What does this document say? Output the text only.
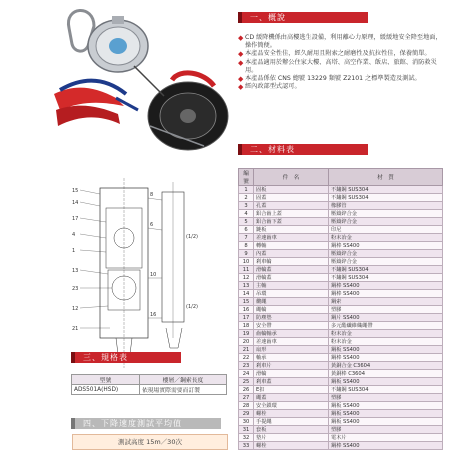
15
14
17
4
1
13
23
12
21
8
6
10
16
(1/2)
(1/2)
一、概說
◆ CD 緩降機係由高樓逃生設備，利用離心力原理，緩緩地安全降至地面，操作簡便。
◆ 本產品安全性佳，經久耐用且附索之耐磨性及抗拉性佳，保養簡單。
◆ 本產品適用於辦公住家大樓、高塔、高空作業、飯店、旅館、消防救災用。
◆ 本產品係依 CNS 總號 13229 類號 Z2101 之標準製造及測試。
◆ 經內政部型式認可。
二、材料表
編號	件　名	材　質
1	固板	不鏽鋼 SUS304
2	固蓋	不鏽鋼 SUS304
3	孔蓋	橡膠管
4	鋁合齒上蓋	壓鑄鋅合金
5	鋁合齒下蓋	壓鑄鋅合金
6	鏈板	印尼
7	差速齒車	粉末冶金
8	轉軸	鋼棒 SS400
9	內蓋	壓鑄鋅合金
10	剎車輪	壓鑄鋅合金
11	滑輪蓋	不鏽鋼 SUS304
12	滑輪蓋	不鏽鋼 SUS304
13	主軸	鋼棒 SS400
14	吊環	鋼棒 SS400
15	纜繩	鋼索
16	繩輪	塑膠
17	防塵墊	鋼片 SS400
18	安全帶	多元酯纖維織繩帶
19	齒輪軸承	粉末冶金
20	差速齒車	粉末冶金
21	扇形	鋼板 SS400
22	軸承	鋼棒 SS400
23	剎車片	黃銅合金 C3604
24	滑輪	黃銅棒 C3604
25	剎車蓋	鋼板 SS400
26	E扣	不鏽鋼 SUS304
27	繩蓋	塑膠
28	安全鎖環	鋼板 SS400
29	螺栓	鋼板 SS400
30	手提繩	鋼板 SS400
31	套板	塑膠
32	墊片	電木片
33	螺栓	鋼棒 SS400
三、規格表
型號	樓層／鋼索長度
ADS501A(HSD)	依現場實際需要而訂製
四、下降速度測試平均值
測試高度 15m／30次
